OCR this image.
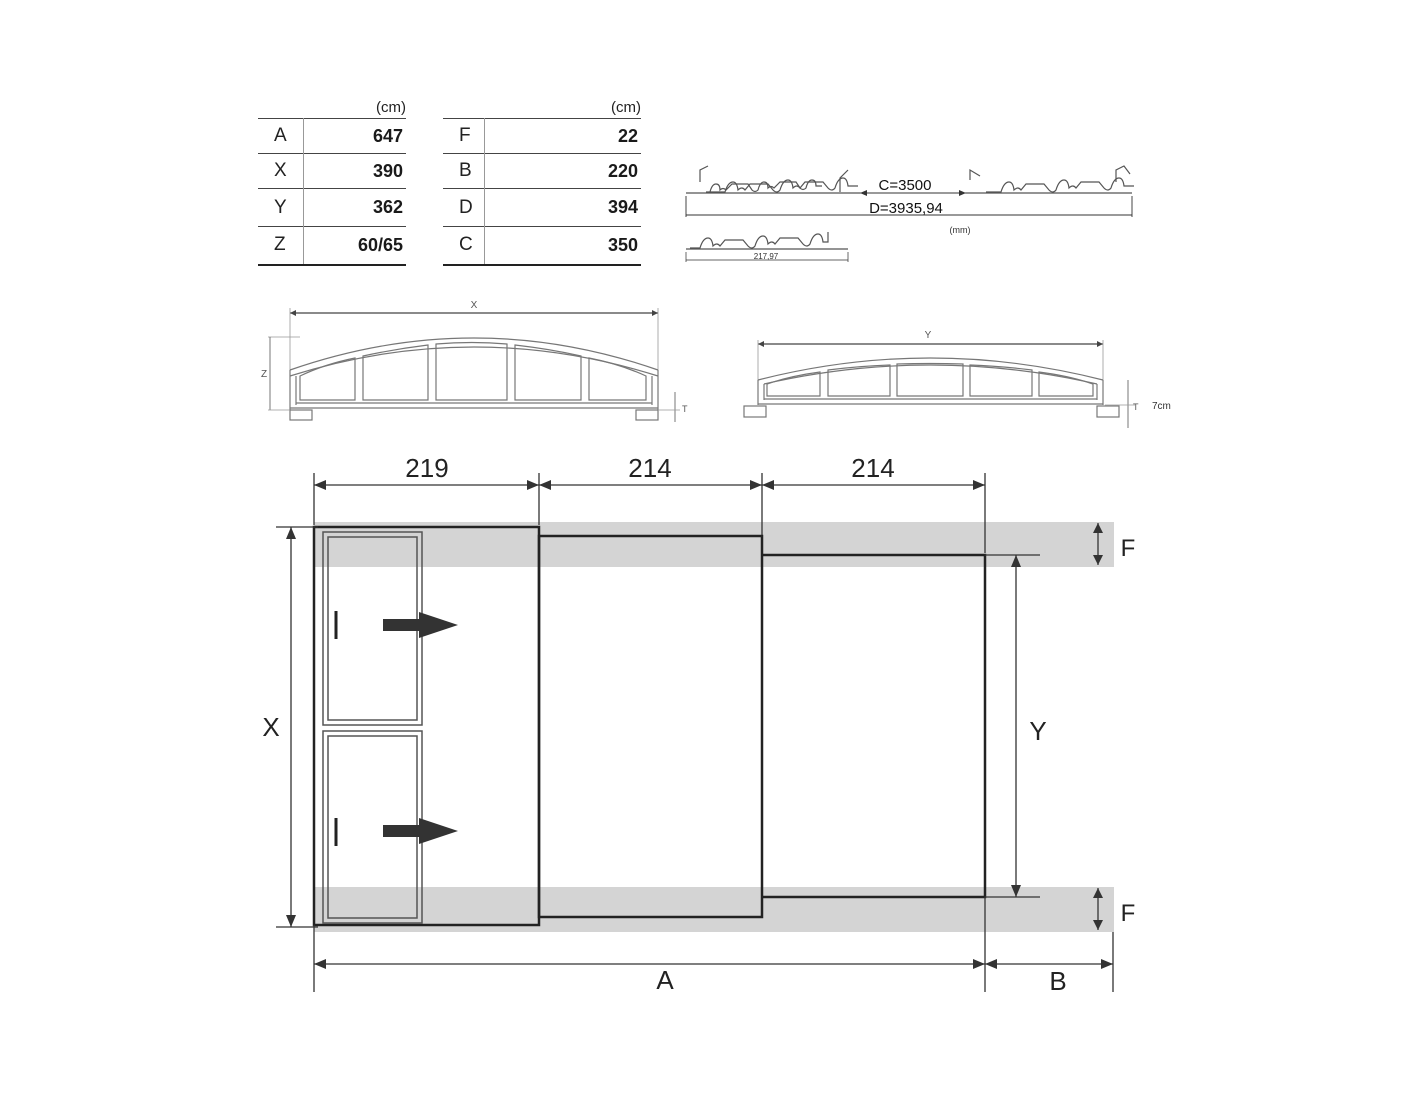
(cm)	
A	647
X	390
Y	362
Z	60/65
(cm)	
F	22
B	220
D	394
C	350
C=3500
D=3935,94
(mm)
217,97
X
Z
T
Y
T 7cm
219	214	214
X	Y
F
F
A	B
